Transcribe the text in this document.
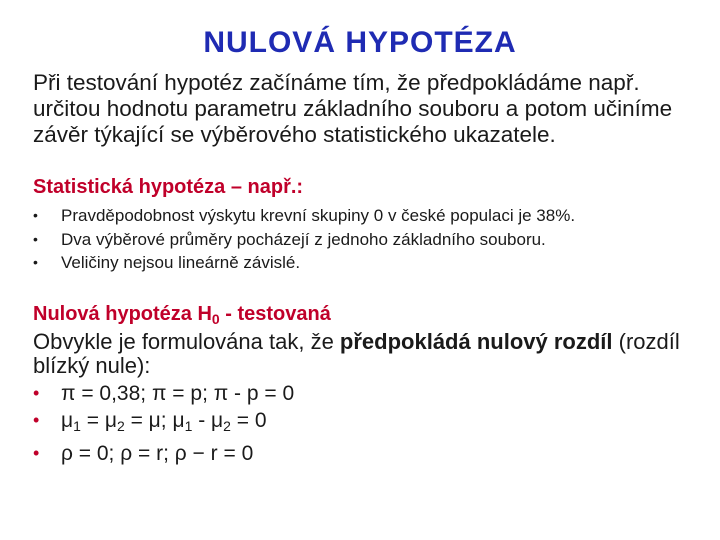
NULOVÁ HYPOTÉZA
Při testování hypotéz začínáme tím, že předpokládáme např. určitou hodnotu parametru základního souboru a potom učiníme závěr týkající se výběrového statistického ukazatele.
Statistická hypotéza – např.:
• Pravděpodobnost výskytu krevní skupiny 0 v české populaci je 38%.
• Dva výběrové průměry pocházejí z jednoho základního souboru.
• Veličiny nejsou lineárně závislé.
Nulová hypotéza $H_0$ - testovaná
Obvykle je formulována tak, že předpokládá nulový rozdíl (rozdíl blízký nule):
• π = 0,38; π = p; π - p = 0
• $\mu_1 = \mu_2 = \mu$; $\mu_1 - \mu_2 = 0$
• ρ = 0; ρ = r; ρ − r = 0
